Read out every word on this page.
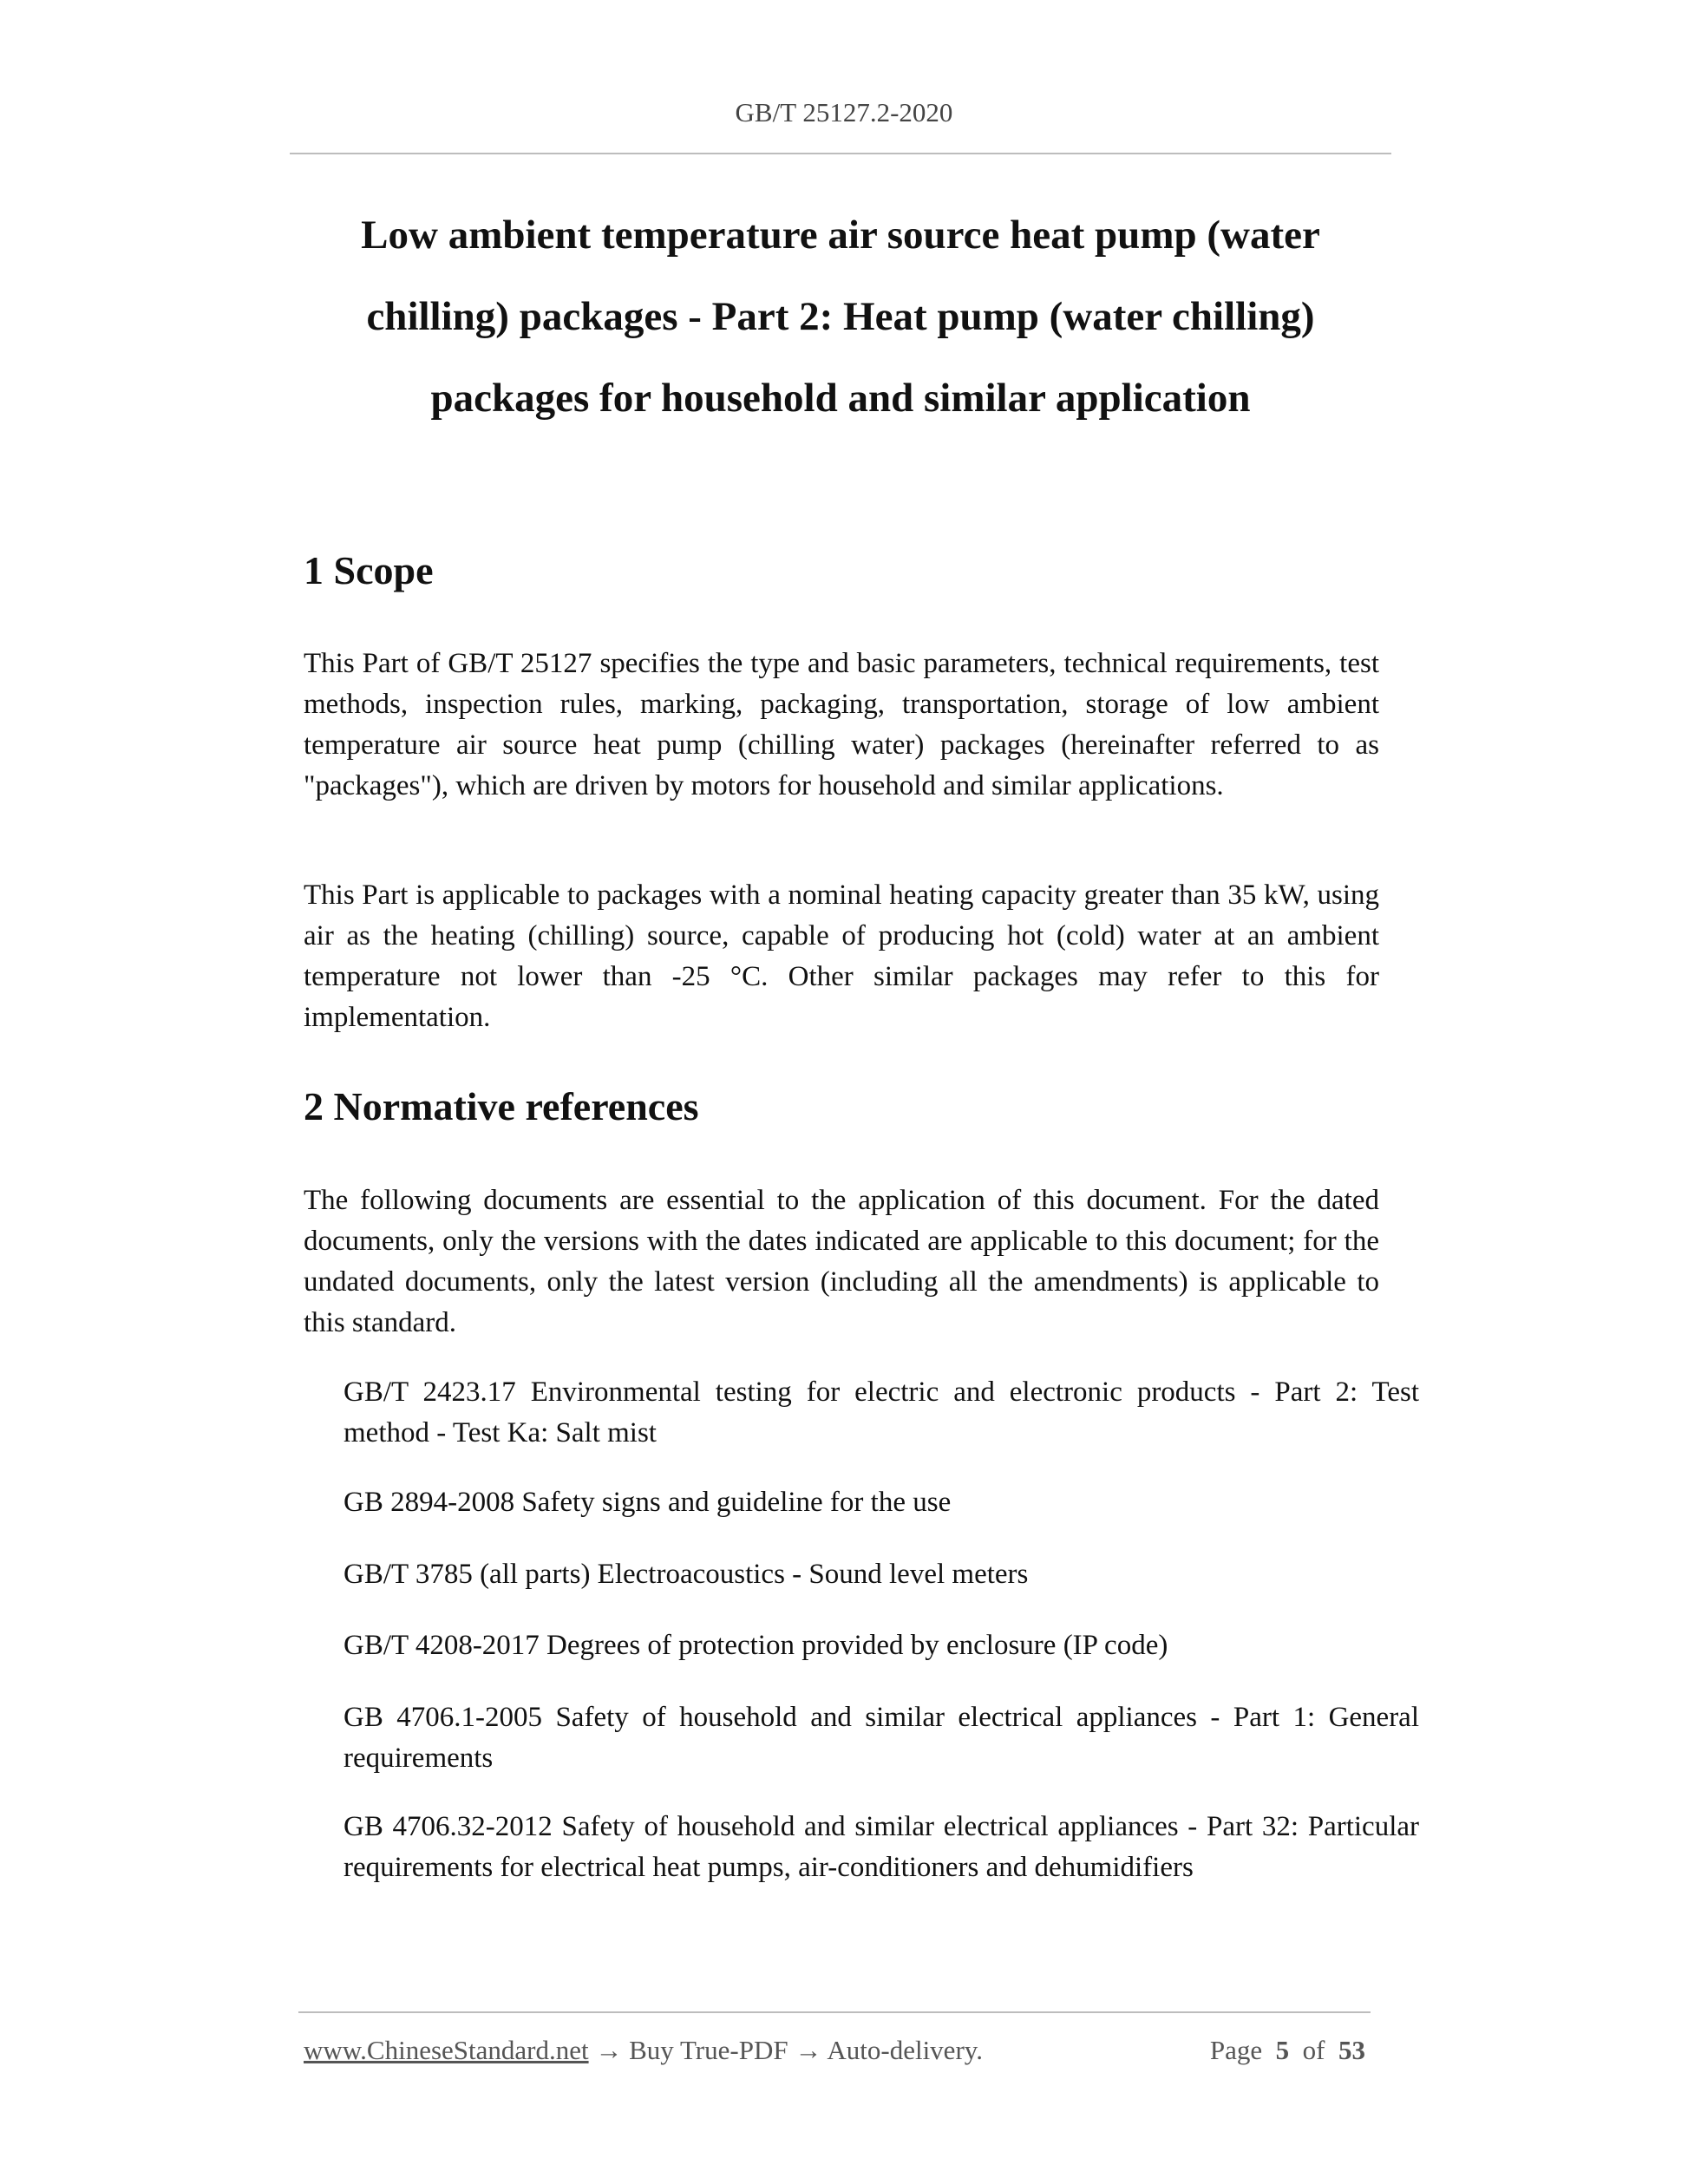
GB/T 25127.2-2020
Low ambient temperature air source heat pump (water
chilling) packages - Part 2: Heat pump (water chilling)
packages for household and similar application
1 Scope

This Part of GB/T 25127 specifies the type and basic parameters, technical requirements, test methods, inspection rules, marking, packaging, transportation, storage of low ambient temperature air source heat pump (chilling water) packages (hereinafter referred to as "packages"), which are driven by motors for household and similar applications.

This Part is applicable to packages with a nominal heating capacity greater than 35 kW, using air as the heating (chilling) source, capable of producing hot (cold) water at an ambient temperature not lower than -25 °C. Other similar packages may refer to this for implementation.

2 Normative references

The following documents are essential to the application of this document. For the dated documents, only the versions with the dates indicated are applicable to this document; for the undated documents, only the latest version (including all the amendments) is applicable to this standard.

GB/T 2423.17 Environmental testing for electric and electronic products - Part 2: Test method - Test Ka: Salt mist

GB 2894-2008 Safety signs and guideline for the use

GB/T 3785 (all parts) Electroacoustics - Sound level meters

GB/T 4208-2017 Degrees of protection provided by enclosure (IP code)

GB 4706.1-2005 Safety of household and similar electrical appliances - Part 1: General requirements

GB 4706.32-2012 Safety of household and similar electrical appliances - Part 32: Particular requirements for electrical heat pumps, air-conditioners and dehumidifiers

www.ChineseStandard.net → Buy True-PDF → Auto-delivery.	Page 5 of 53
